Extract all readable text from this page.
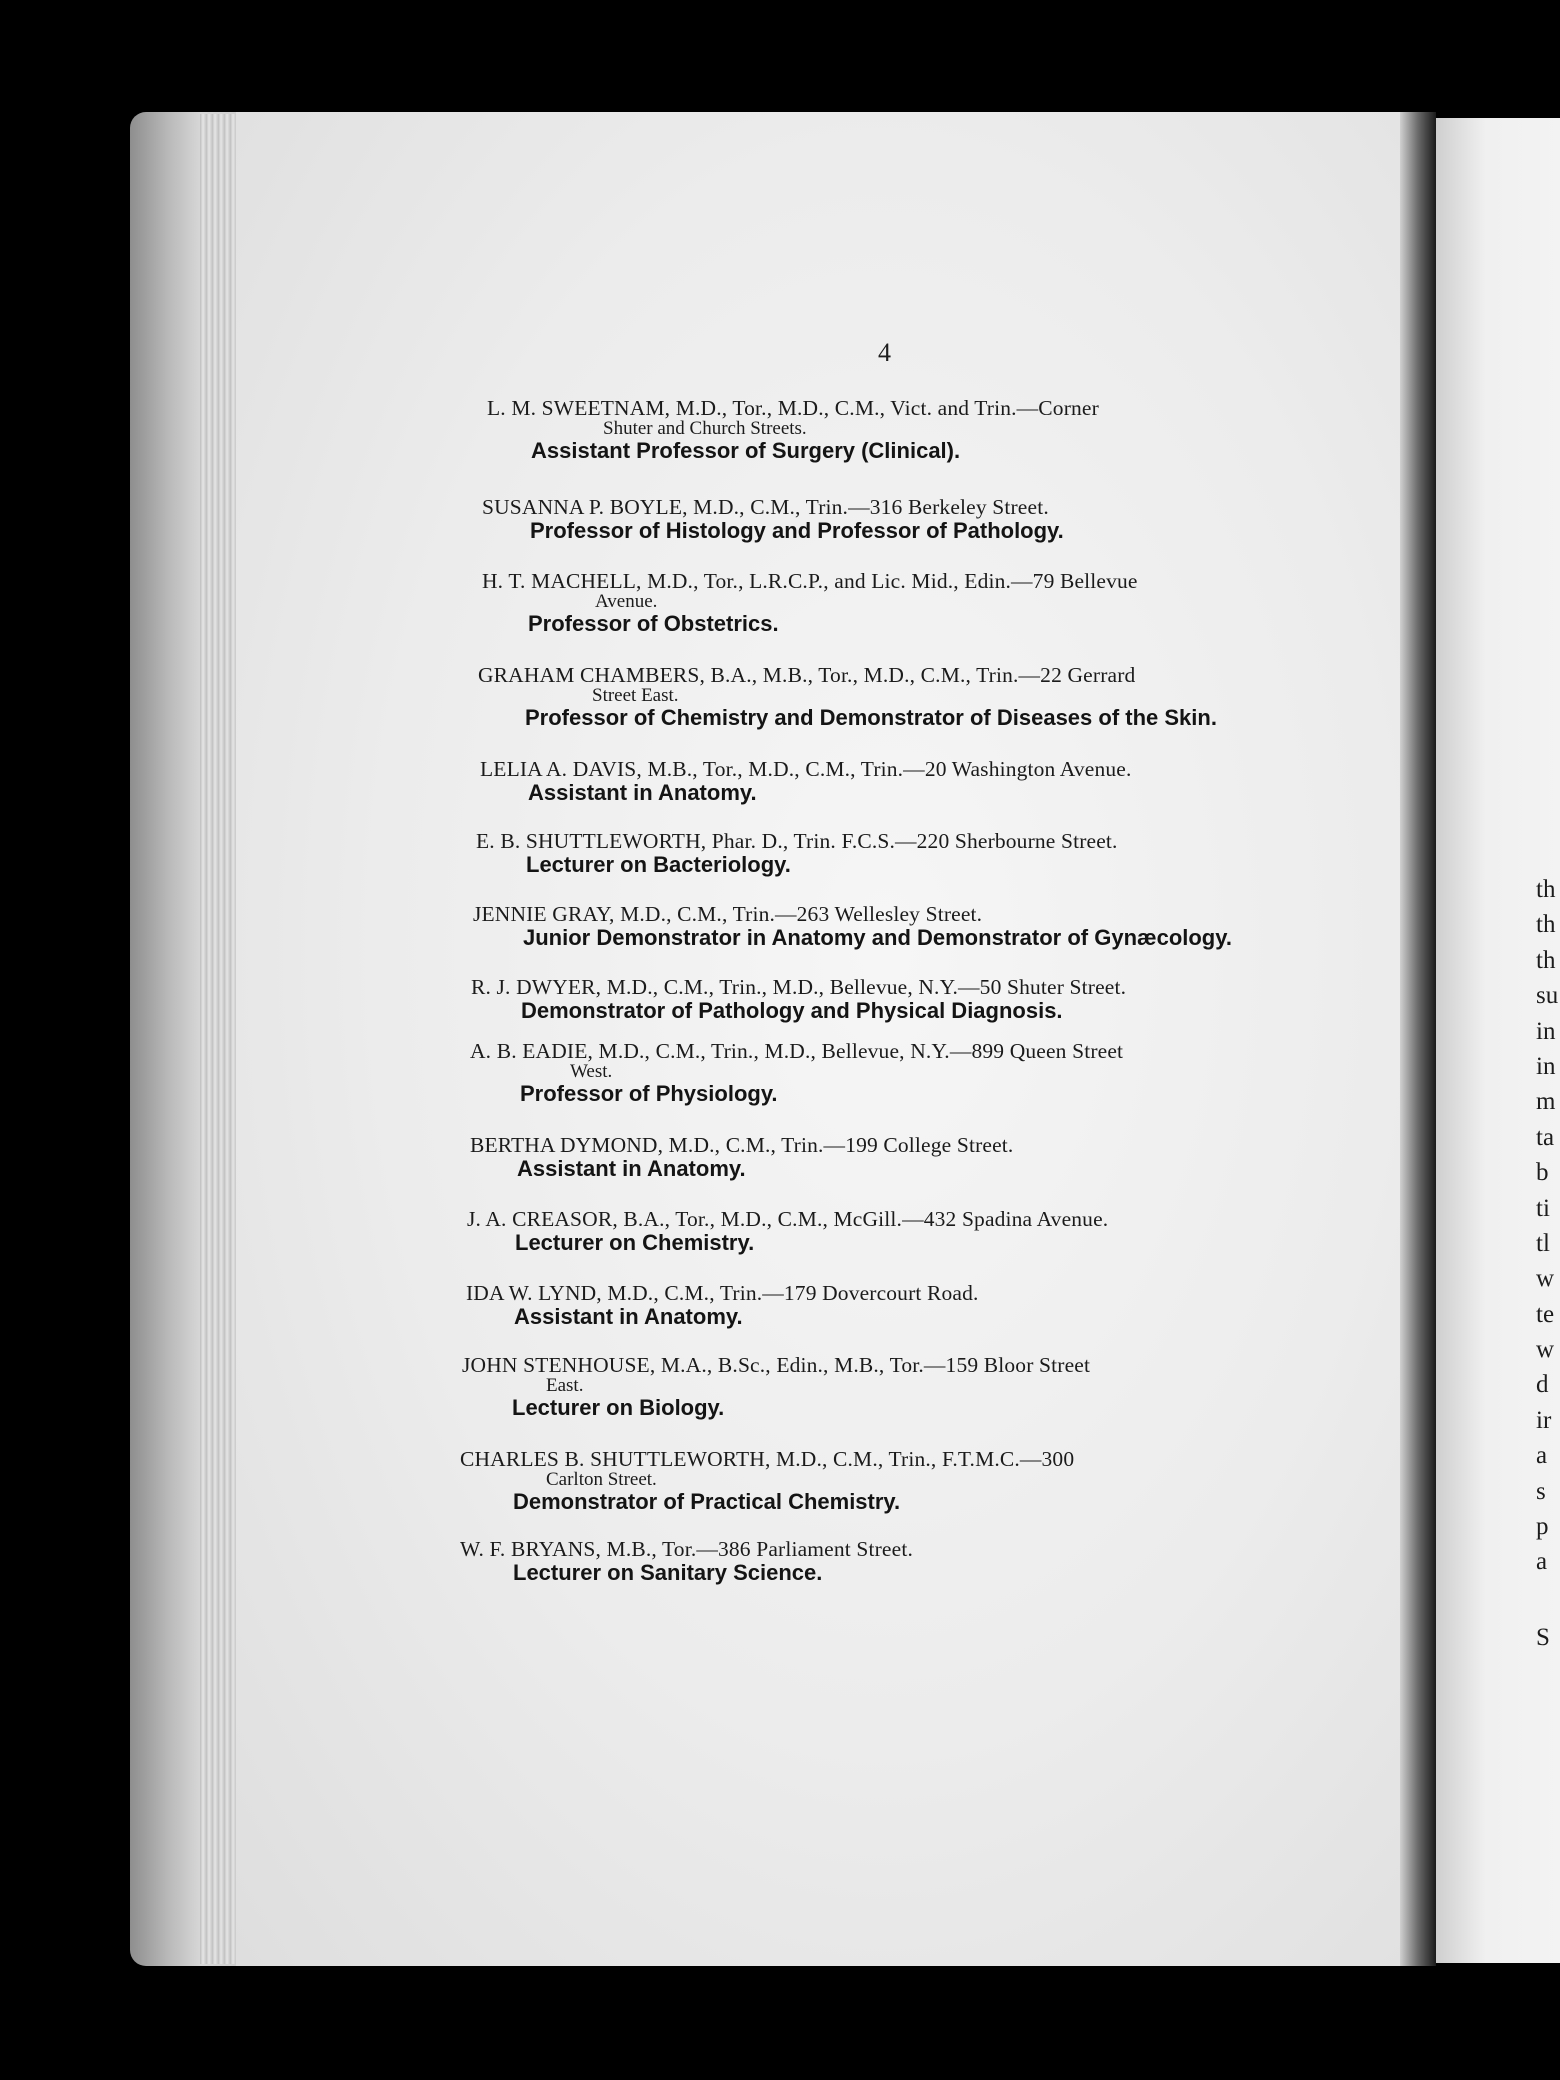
th
th
th
su
in
in
m
ta
b
ti
tl
w
te
w
d
ir
a
s
p
a
S
4
L. M. SWEETNAM, M.D., Tor., M.D., C.M., Vict. and Trin.—Corner
Shuter and Church Streets.
Assistant Professor of Surgery (Clinical).
SUSANNA P. BOYLE, M.D., C.M., Trin.—316 Berkeley Street.
Professor of Histology and Professor of Pathology.
H. T. MACHELL, M.D., Tor., L.R.C.P., and Lic. Mid., Edin.—79 Bellevue
Avenue.
Professor of Obstetrics.
GRAHAM CHAMBERS, B.A., M.B., Tor., M.D., C.M., Trin.—22 Gerrard
Street East.
Professor of Chemistry and Demonstrator of Diseases of the Skin.
LELIA A. DAVIS, M.B., Tor., M.D., C.M., Trin.—20 Washington Avenue.
Assistant in Anatomy.
E. B. SHUTTLEWORTH, Phar. D., Trin. F.C.S.—220 Sherbourne Street.
Lecturer on Bacteriology.
JENNIE GRAY, M.D., C.M., Trin.—263 Wellesley Street.
Junior Demonstrator in Anatomy and Demonstrator of Gynæcology.
R. J. DWYER, M.D., C.M., Trin., M.D., Bellevue, N.Y.—50 Shuter Street.
Demonstrator of Pathology and Physical Diagnosis.
A. B. EADIE, M.D., C.M., Trin., M.D., Bellevue, N.Y.—899 Queen Street
West.
Professor of Physiology.
BERTHA DYMOND, M.D., C.M., Trin.—199 College Street.
Assistant in Anatomy.
J. A. CREASOR, B.A., Tor., M.D., C.M., McGill.—432 Spadina Avenue.
Lecturer on Chemistry.
IDA W. LYND, M.D., C.M., Trin.—179 Dovercourt Road.
Assistant in Anatomy.
JOHN STENHOUSE, M.A., B.Sc., Edin., M.B., Tor.—159 Bloor Street
East.
Lecturer on Biology.
CHARLES B. SHUTTLEWORTH, M.D., C.M., Trin., F.T.M.C.—300
Carlton Street.
Demonstrator of Practical Chemistry.
W. F. BRYANS, M.B., Tor.—386 Parliament Street.
Lecturer on Sanitary Science.
